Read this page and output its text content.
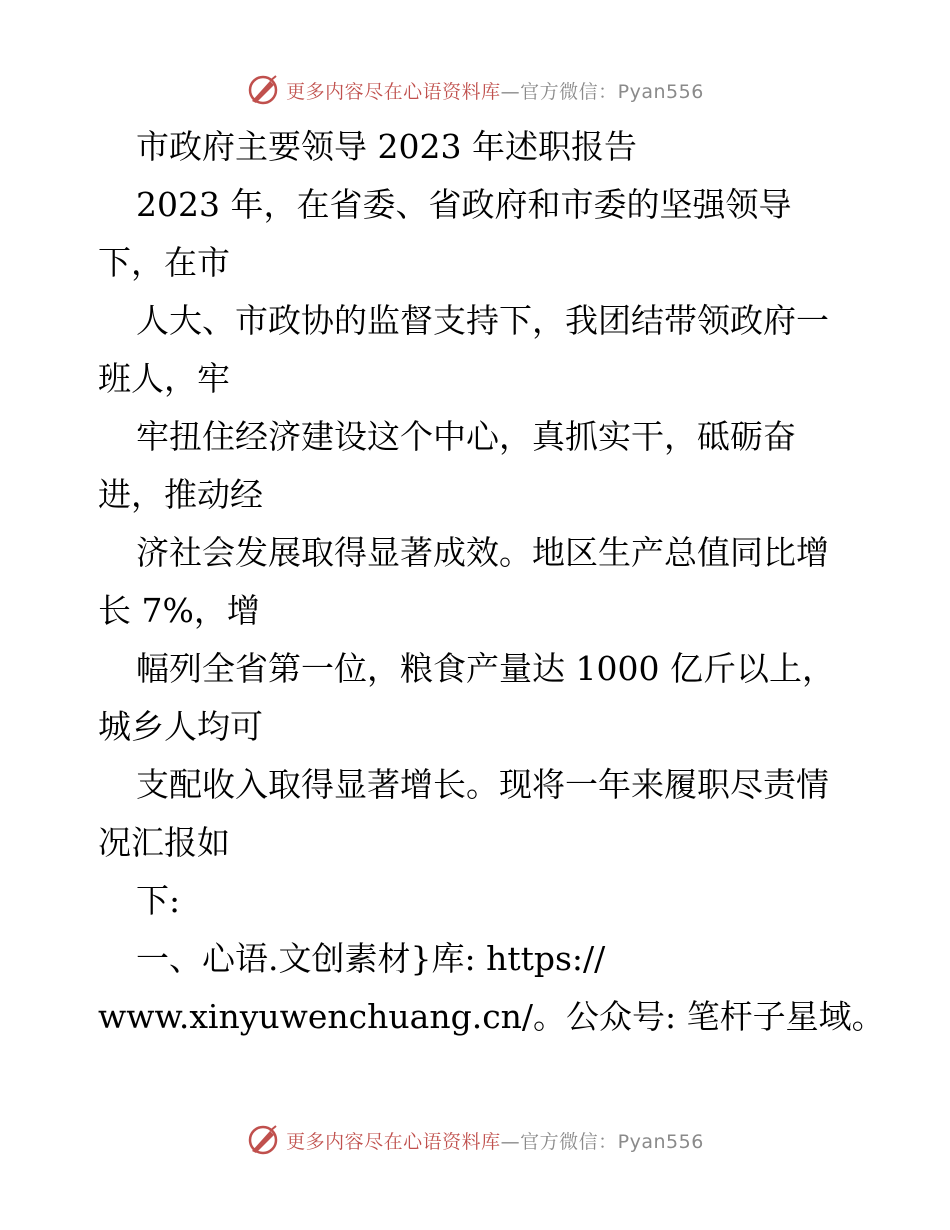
更多内容尽在心语资料库—官方微信：Pyan556
市政府主要领导 2023 年述职报告
2023 年，在省委、省政府和市委的坚强领导
下，在市
人大、市政协的监督支持下，我团结带领政府一
班人，牢
牢扭住经济建设这个中心，真抓实干，砥砺奋
进，推动经
济社会发展取得显著成效。地区生产总值同比增
长 7%，增
幅列全省第一位，粮食产量达 1000 亿斤以上，
城乡人均可
支配收入取得显著增长。现将一年来履职尽责情
况汇报如
下:
一、心语.文创素材}库: https://
www.xinyuwenchuang.cn/。公众号: 笔杆子星域。
更多内容尽在心语资料库—官方微信：Pyan556
